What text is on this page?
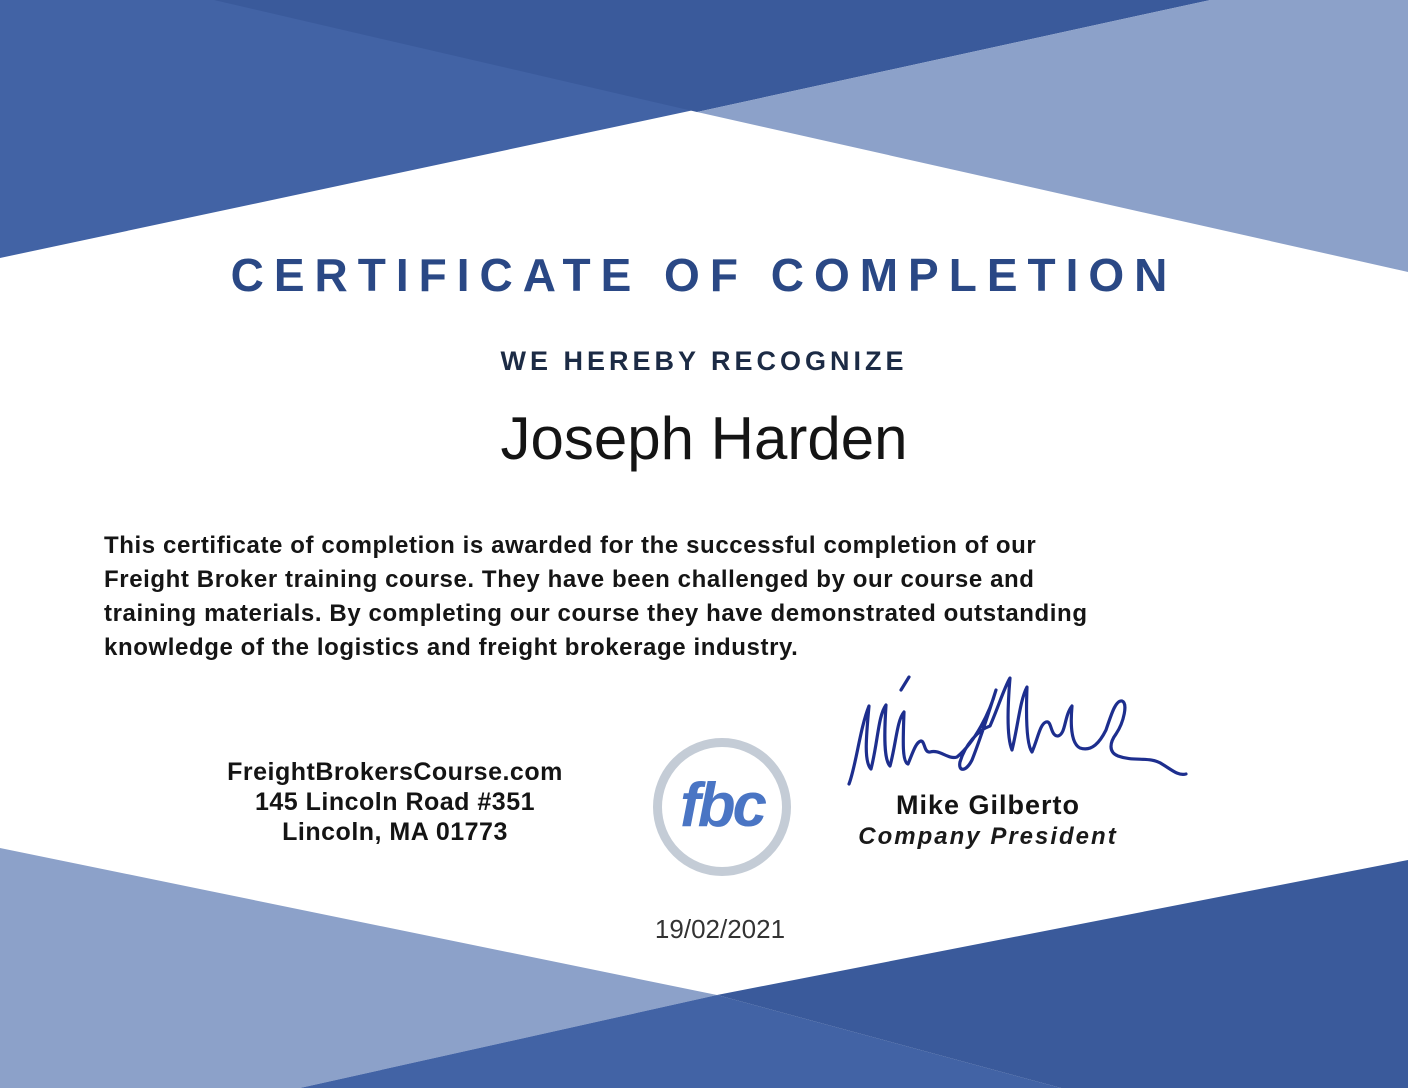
CERTIFICATE OF COMPLETION
WE HEREBY RECOGNIZE
Joseph Harden
This certificate of completion is awarded for the successful completion of our
Freight Broker training course. They have been challenged by our course and
training materials. By completing our course they have demonstrated outstanding
knowledge of the logistics and freight brokerage industry.
FreightBrokersCourse.com
145 Lincoln Road #351
Lincoln, MA 01773	fbc	Mike Gilberto
Company President
19/02/2021
